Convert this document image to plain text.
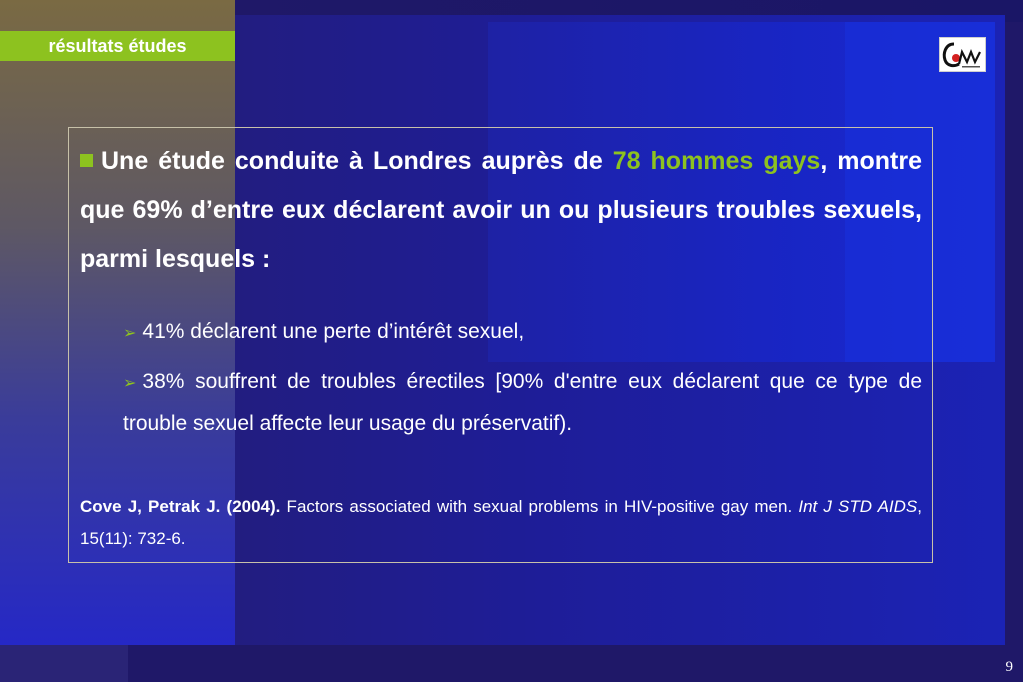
résultats études

Une étude conduite à Londres auprès de 78 hommes gays, montre que 69% d’entre eux déclarent avoir un ou plusieurs troubles sexuels, parmi lesquels :

➢ 41% déclarent une perte d’intérêt sexuel,
➢ 38% souffrent de troubles érectiles [90% d'entre eux déclarent que ce type de trouble sexuel affecte leur usage du préservatif).

Cove J, Petrak J. (2004). Factors associated with sexual problems in HIV-positive gay men. Int J STD AIDS, 15(11): 732-6.

9
